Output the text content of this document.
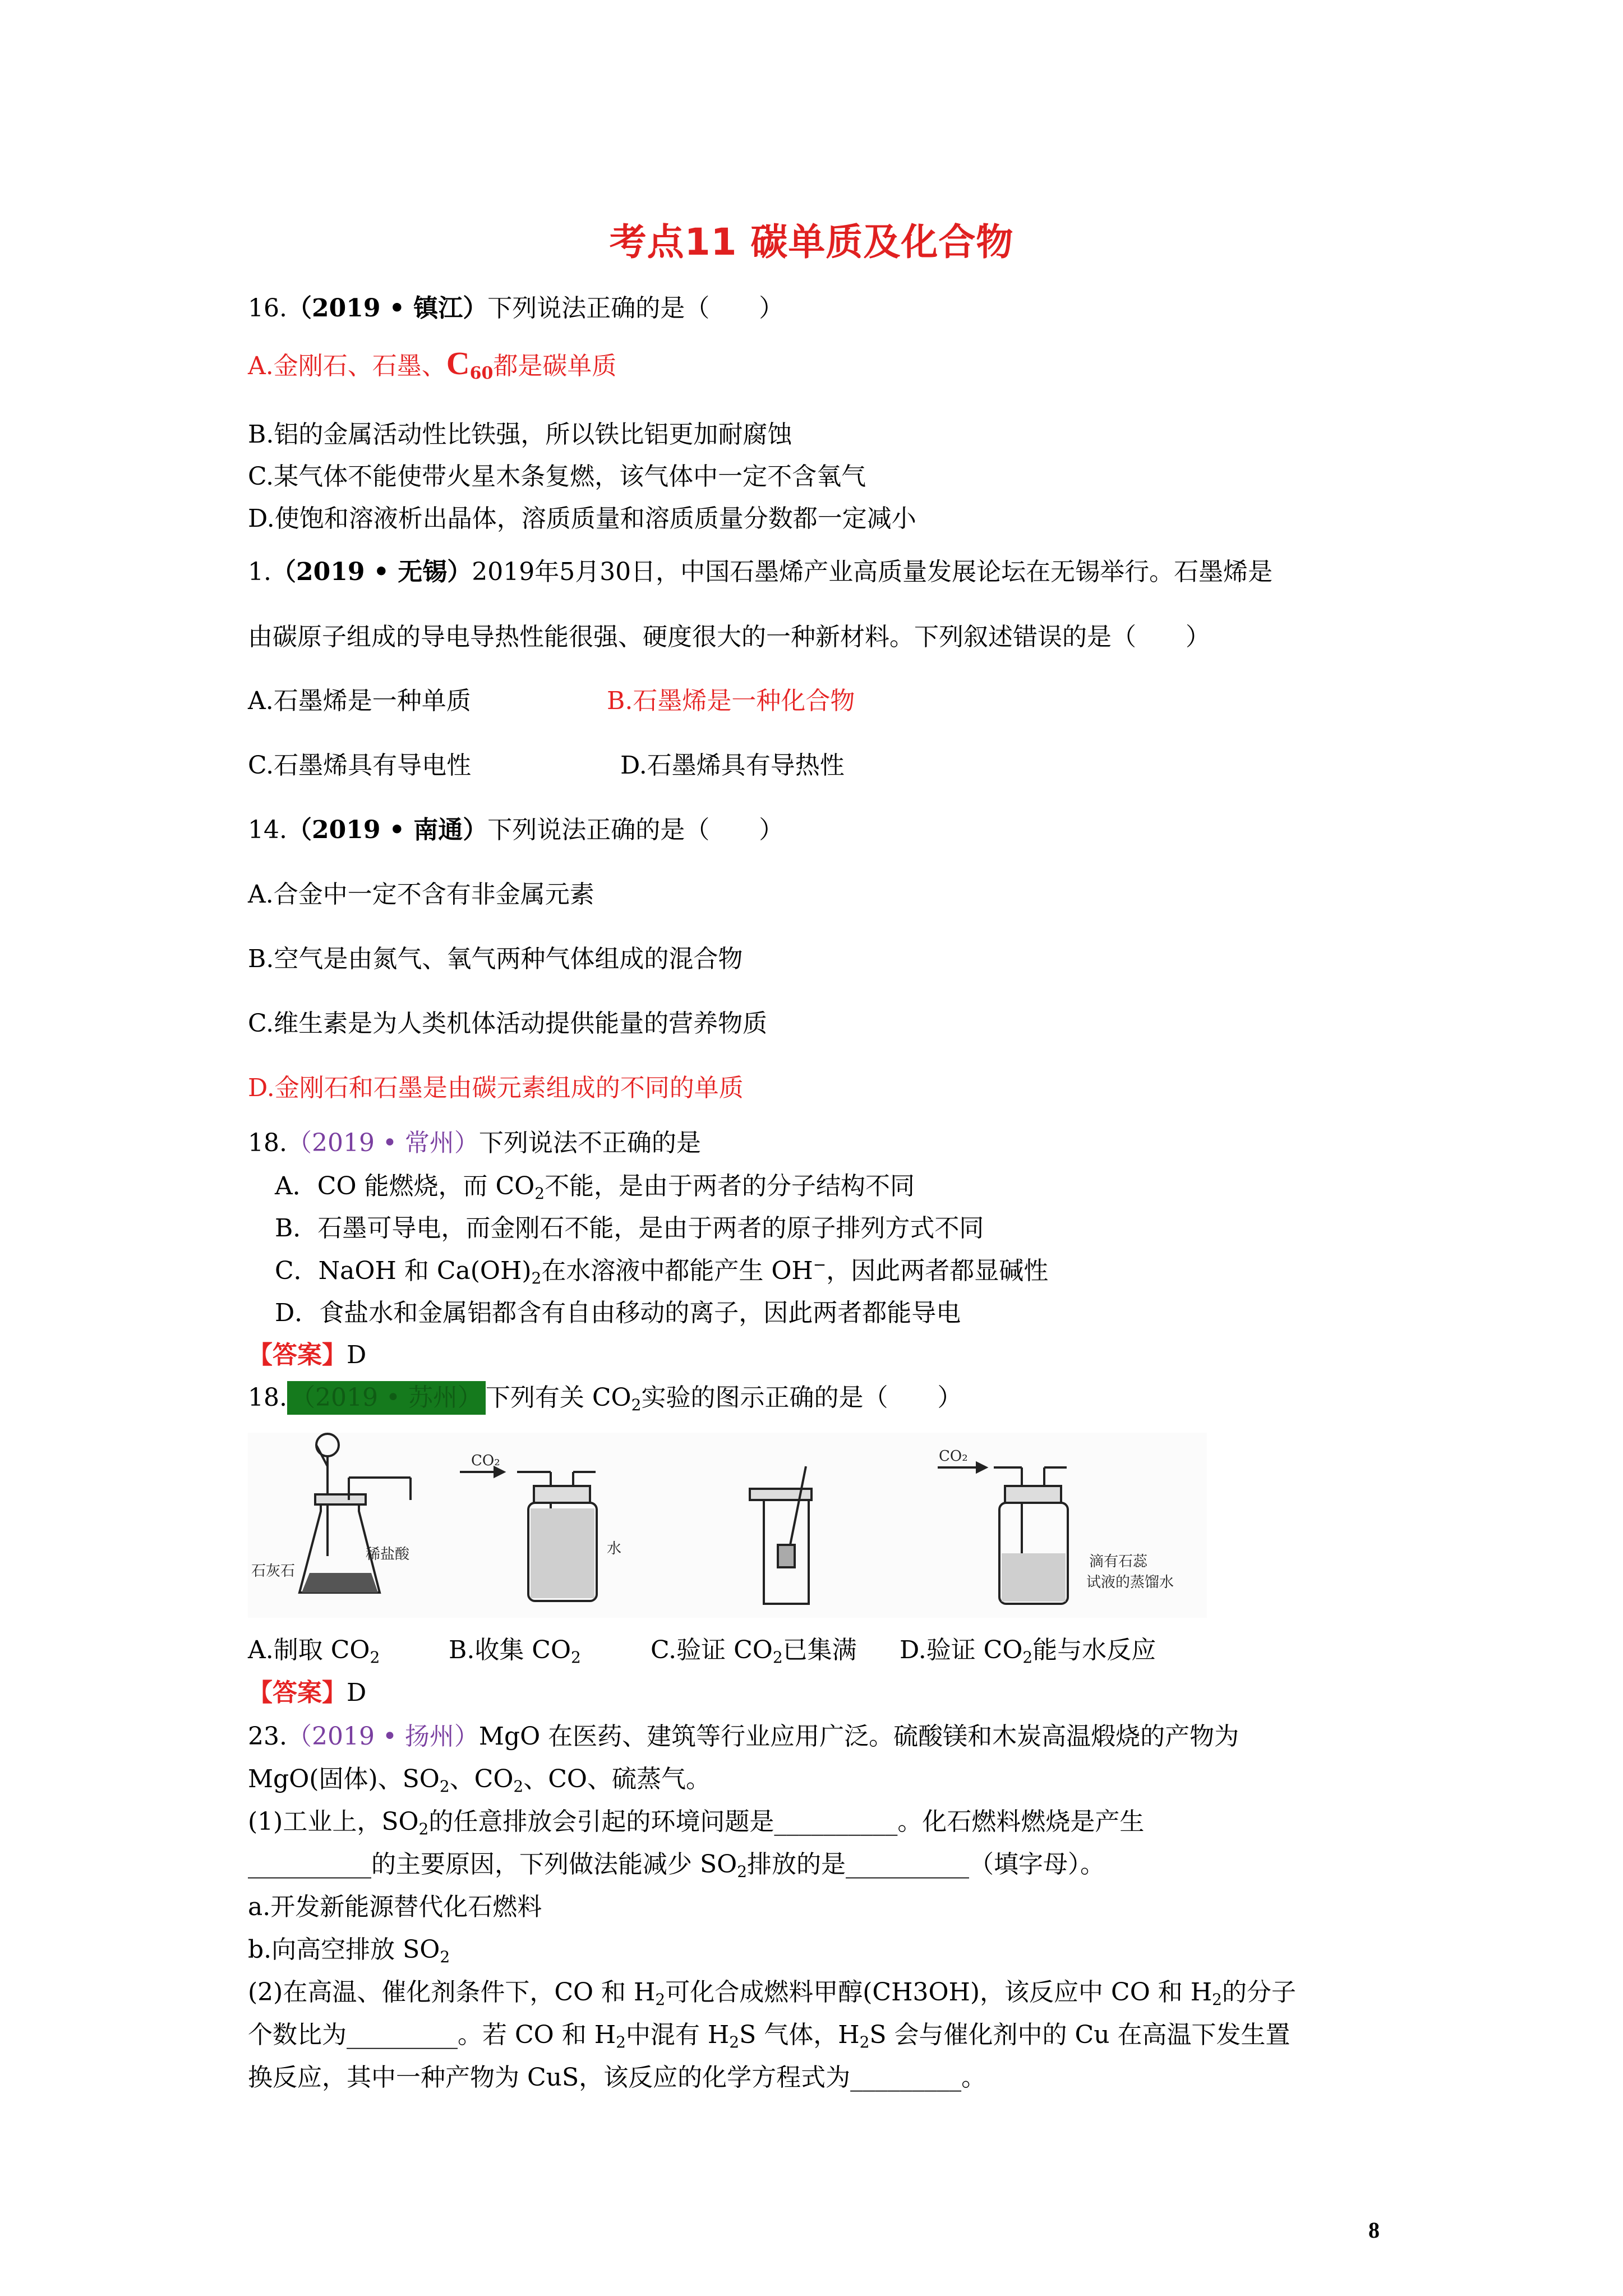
考点11 碳单质及化合物
16.（2019 • 镇江）下列说法正确的是（　　）
A.金刚石、石墨、$C_{60}$都是碳单质
B.铝的金属活动性比铁强，所以铁比铝更加耐腐蚀
C.某气体不能使带火星木条复燃，该气体中一定不含氧气
D.使饱和溶液析出晶体，溶质质量和溶质质量分数都一定减小
1.（2019 • 无锡）2019年5月30日，中国石墨烯产业高质量发展论坛在无锡举行。石墨烯是
由碳原子组成的导电导热性能很强、硬度很大的一种新材料。下列叙述错误的是（　　）
A.石墨烯是一种单质	B.石墨烯是一种化合物
C.石墨烯具有导电性	D.石墨烯具有导热性
14.（2019 • 南通）下列说法正确的是（　　）
A.合金中一定不含有非金属元素
B.空气是由氮气、氧气两种气体组成的混合物
C.维生素是为人类机体活动提供能量的营养物质
D.金刚石和石墨是由碳元素组成的不同的单质
18.（2019 • 常州）下列说法不正确的是
A．CO 能燃烧，而 $CO_2$不能，是由于两者的分子结构不同
B．石墨可导电，而金刚石不能，是由于两者的原子排列方式不同
C．NaOH 和 $Ca(OH)_2$在水溶液中都能产生 OH−，因此两者都显碱性
D．食盐水和金属铝都含有自由移动的离子，因此两者都能导电
【答案】D
18. （2019 • 苏州） 下列有关 $CO_2$实验的图示正确的是（　　）
石灰石
稀盐酸
CO₂
水
CO₂
滴有石蕊
试液的蒸馏水
A.制取 $CO_2$	B.收集 $CO_2$	C.验证 $CO_2$已集满 D.验证 $CO_2$能与水反应
【答案】D
23.（2019 • 扬州）MgO 在医药、建筑等行业应用广泛。硫酸镁和木炭高温煅烧的产物为
MgO(固体)、$SO_2$、$CO_2$、CO、硫蒸气。
(1)工业上，$SO_2$的任意排放会引起的环境问题是__________。化石燃料燃烧是产生
__________的主要原因，下列做法能减少 $SO_2$排放的是__________（填字母）。
a.开发新能源替代化石燃料
b.向高空排放 $SO_2$
(2)在高温、催化剂条件下，CO 和 $H_2$可化合成燃料甲醇(CH3OH)，该反应中 CO 和 $H_2$的分子
个数比为_________。若 CO 和 $H_2$中混有 $H_2S$ 气体，$H_2S$ 会与催化剂中的 Cu 在高温下发生置
换反应，其中一种产物为 CuS，该反应的化学方程式为_________。
8
